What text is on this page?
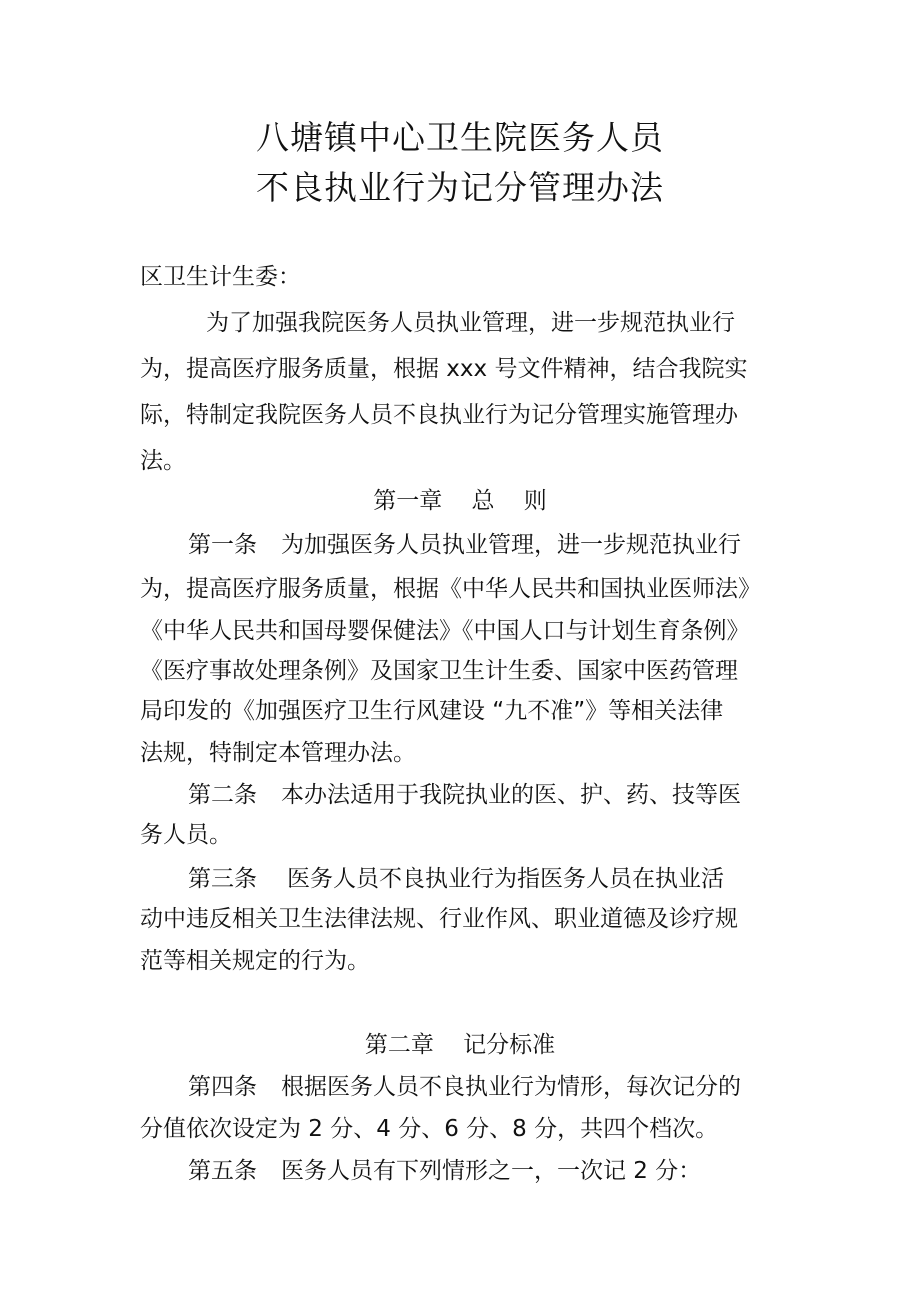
八塘镇中心卫生院医务人员
不良执业行为记分管理办法

区卫生计生委：

为了加强我院医务人员执业管理，进一步规范执业行

为，提高医疗服务质量，根据 xxx 号文件精神，结合我院实

际，特制定我院医务人员不良执业行为记分管理实施管理办

法。

第一章    总    则

第一条 为加强医务人员执业管理，进一步规范执业行

为，提高医疗服务质量，根据《中华人民共和国执业医师法》

《中华人民共和国母婴保健法》《中国人口与计划生育条例》

《医疗事故处理条例》及国家卫生计生委、国家中医药管理

局印发的《加强医疗卫生行风建设 “九不准”》等相关法律

法规，特制定本管理办法。

第二条 本办法适用于我院执业的医、护、药、技等医

务人员。

第三条 医务人员不良执业行为指医务人员在执业活

动中违反相关卫生法律法规、行业作风、职业道德及诊疗规

范等相关规定的行为。

第二章    记分标准

第四条 根据医务人员不良执业行为情形，每次记分的

分值依次设定为 2 分、4 分、6 分、8 分，共四个档次。

第五条 医务人员有下列情形之一，一次记 2 分：
